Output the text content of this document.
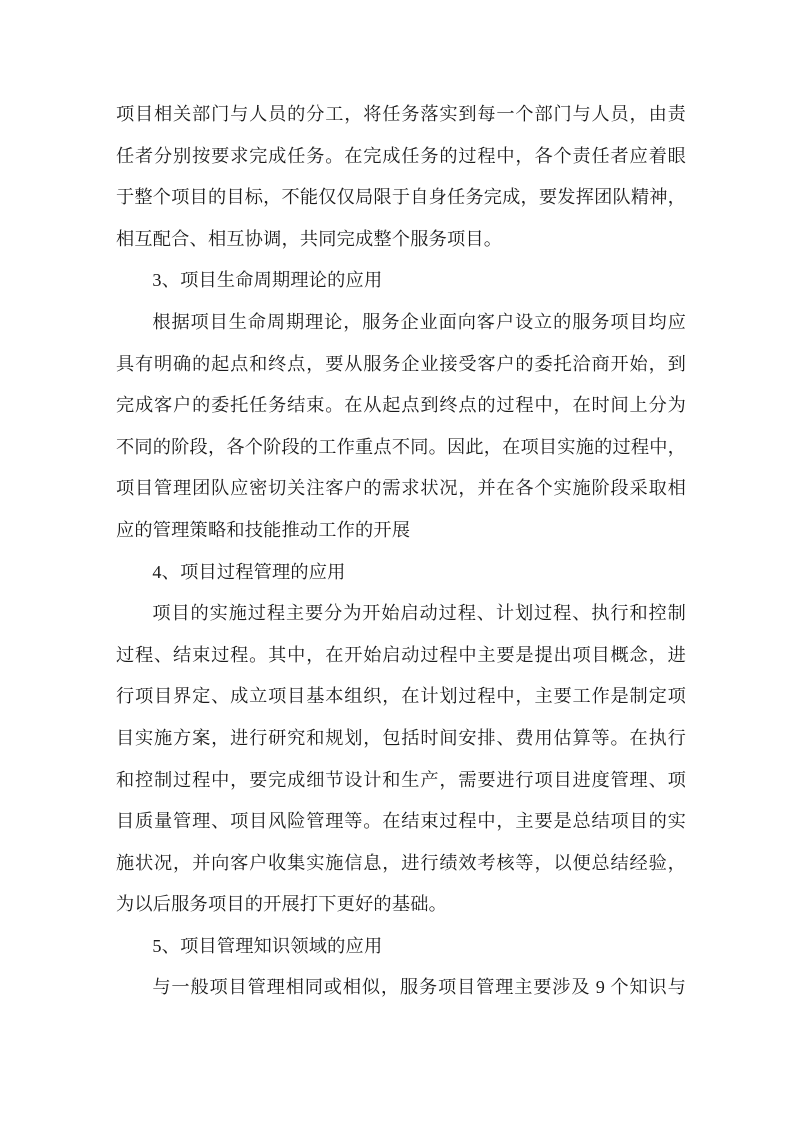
项目相关部门与人员的分工，将任务落实到每一个部门与人员，由责
任者分别按要求完成任务。在完成任务的过程中，各个责任者应着眼
于整个项目的目标，不能仅仅局限于自身任务完成，要发挥团队精神，
相互配合、相互协调，共同完成整个服务项目。
3、项目生命周期理论的应用
根据项目生命周期理论，服务企业面向客户设立的服务项目均应
具有明确的起点和终点，要从服务企业接受客户的委托洽商开始，到
完成客户的委托任务结束。在从起点到终点的过程中，在时间上分为
不同的阶段，各个阶段的工作重点不同。因此，在项目实施的过程中，
项目管理团队应密切关注客户的需求状况，并在各个实施阶段采取相
应的管理策略和技能推动工作的开展
4、项目过程管理的应用
项目的实施过程主要分为开始启动过程、计划过程、执行和控制
过程、结束过程。其中，在开始启动过程中主要是提出项目概念，进
行项目界定、成立项目基本组织，在计划过程中，主要工作是制定项
目实施方案，进行研究和规划，包括时间安排、费用估算等。在执行
和控制过程中，要完成细节设计和生产，需要进行项目进度管理、项
目质量管理、项目风险管理等。在结束过程中，主要是总结项目的实
施状况，并向客户收集实施信息，进行绩效考核等，以便总结经验，
为以后服务项目的开展打下更好的基础。
5、项目管理知识领域的应用
与一般项目管理相同或相似，服务项目管理主要涉及 9 个知识与
